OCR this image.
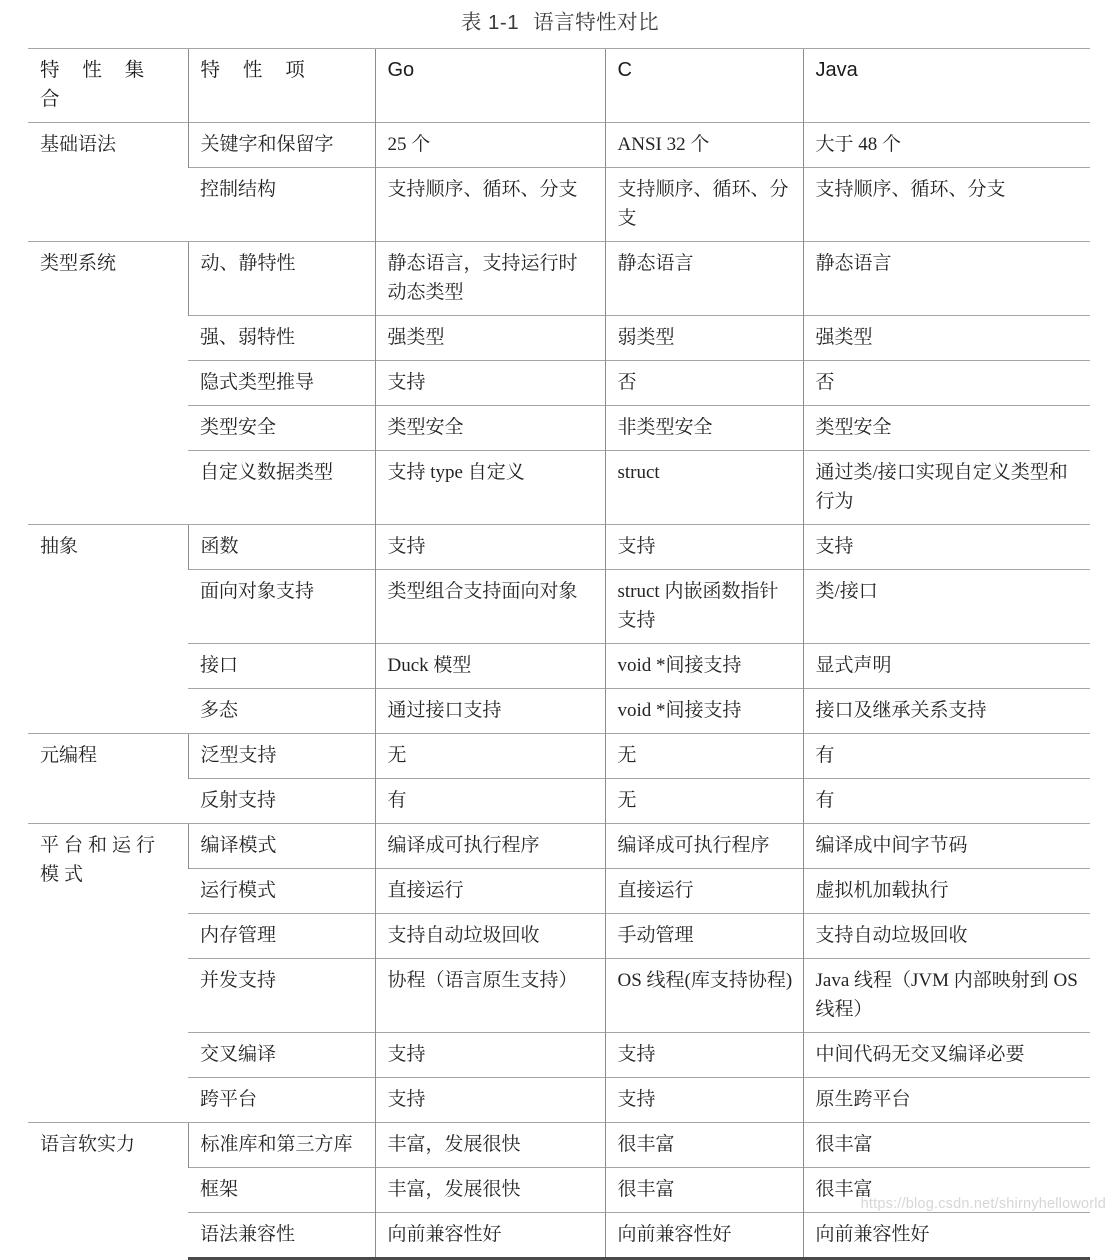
表 1-1 语言特性对比
特 性 集 合	特 性 项	Go	C	Java
基础语法	关键字和保留字	25 个	ANSI 32 个	大于 48 个
	控制结构	支持顺序、循环、分支	支持顺序、循环、分支	支持顺序、循环、分支
类型系统	动、静特性	静态语言，支持运行时动态类型	静态语言	静态语言
	强、弱特性	强类型	弱类型	强类型
	隐式类型推导	支持	否	否
	类型安全	类型安全	非类型安全	类型安全
	自定义数据类型	支持 type 自定义	struct	通过类/接口实现自定义类型和行为
抽象	函数	支持	支持	支持
	面向对象支持	类型组合支持面向对象	struct 内嵌函数指针支持	类/接口
	接口	Duck 模型	void *间接支持	显式声明
	多态	通过接口支持	void *间接支持	接口及继承关系支持
元编程	泛型支持	无	无	有
	反射支持	有	无	有
平台和运行模式	编译模式	编译成可执行程序	编译成可执行程序	编译成中间字节码
	运行模式	直接运行	直接运行	虚拟机加载执行
	内存管理	支持自动垃圾回收	手动管理	支持自动垃圾回收
	并发支持	协程（语言原生支持）	OS 线程(库支持协程)	Java 线程（JVM 内部映射到 OS 线程）
	交叉编译	支持	支持	中间代码无交叉编译必要
	跨平台	支持	支持	原生跨平台
语言软实力	标准库和第三方库	丰富，发展很快	很丰富	很丰富
	框架	丰富，发展很快	很丰富	很丰富
	语法兼容性	向前兼容性好	向前兼容性好	向前兼容性好
https://blog.csdn.net/shirnyhelloworld
